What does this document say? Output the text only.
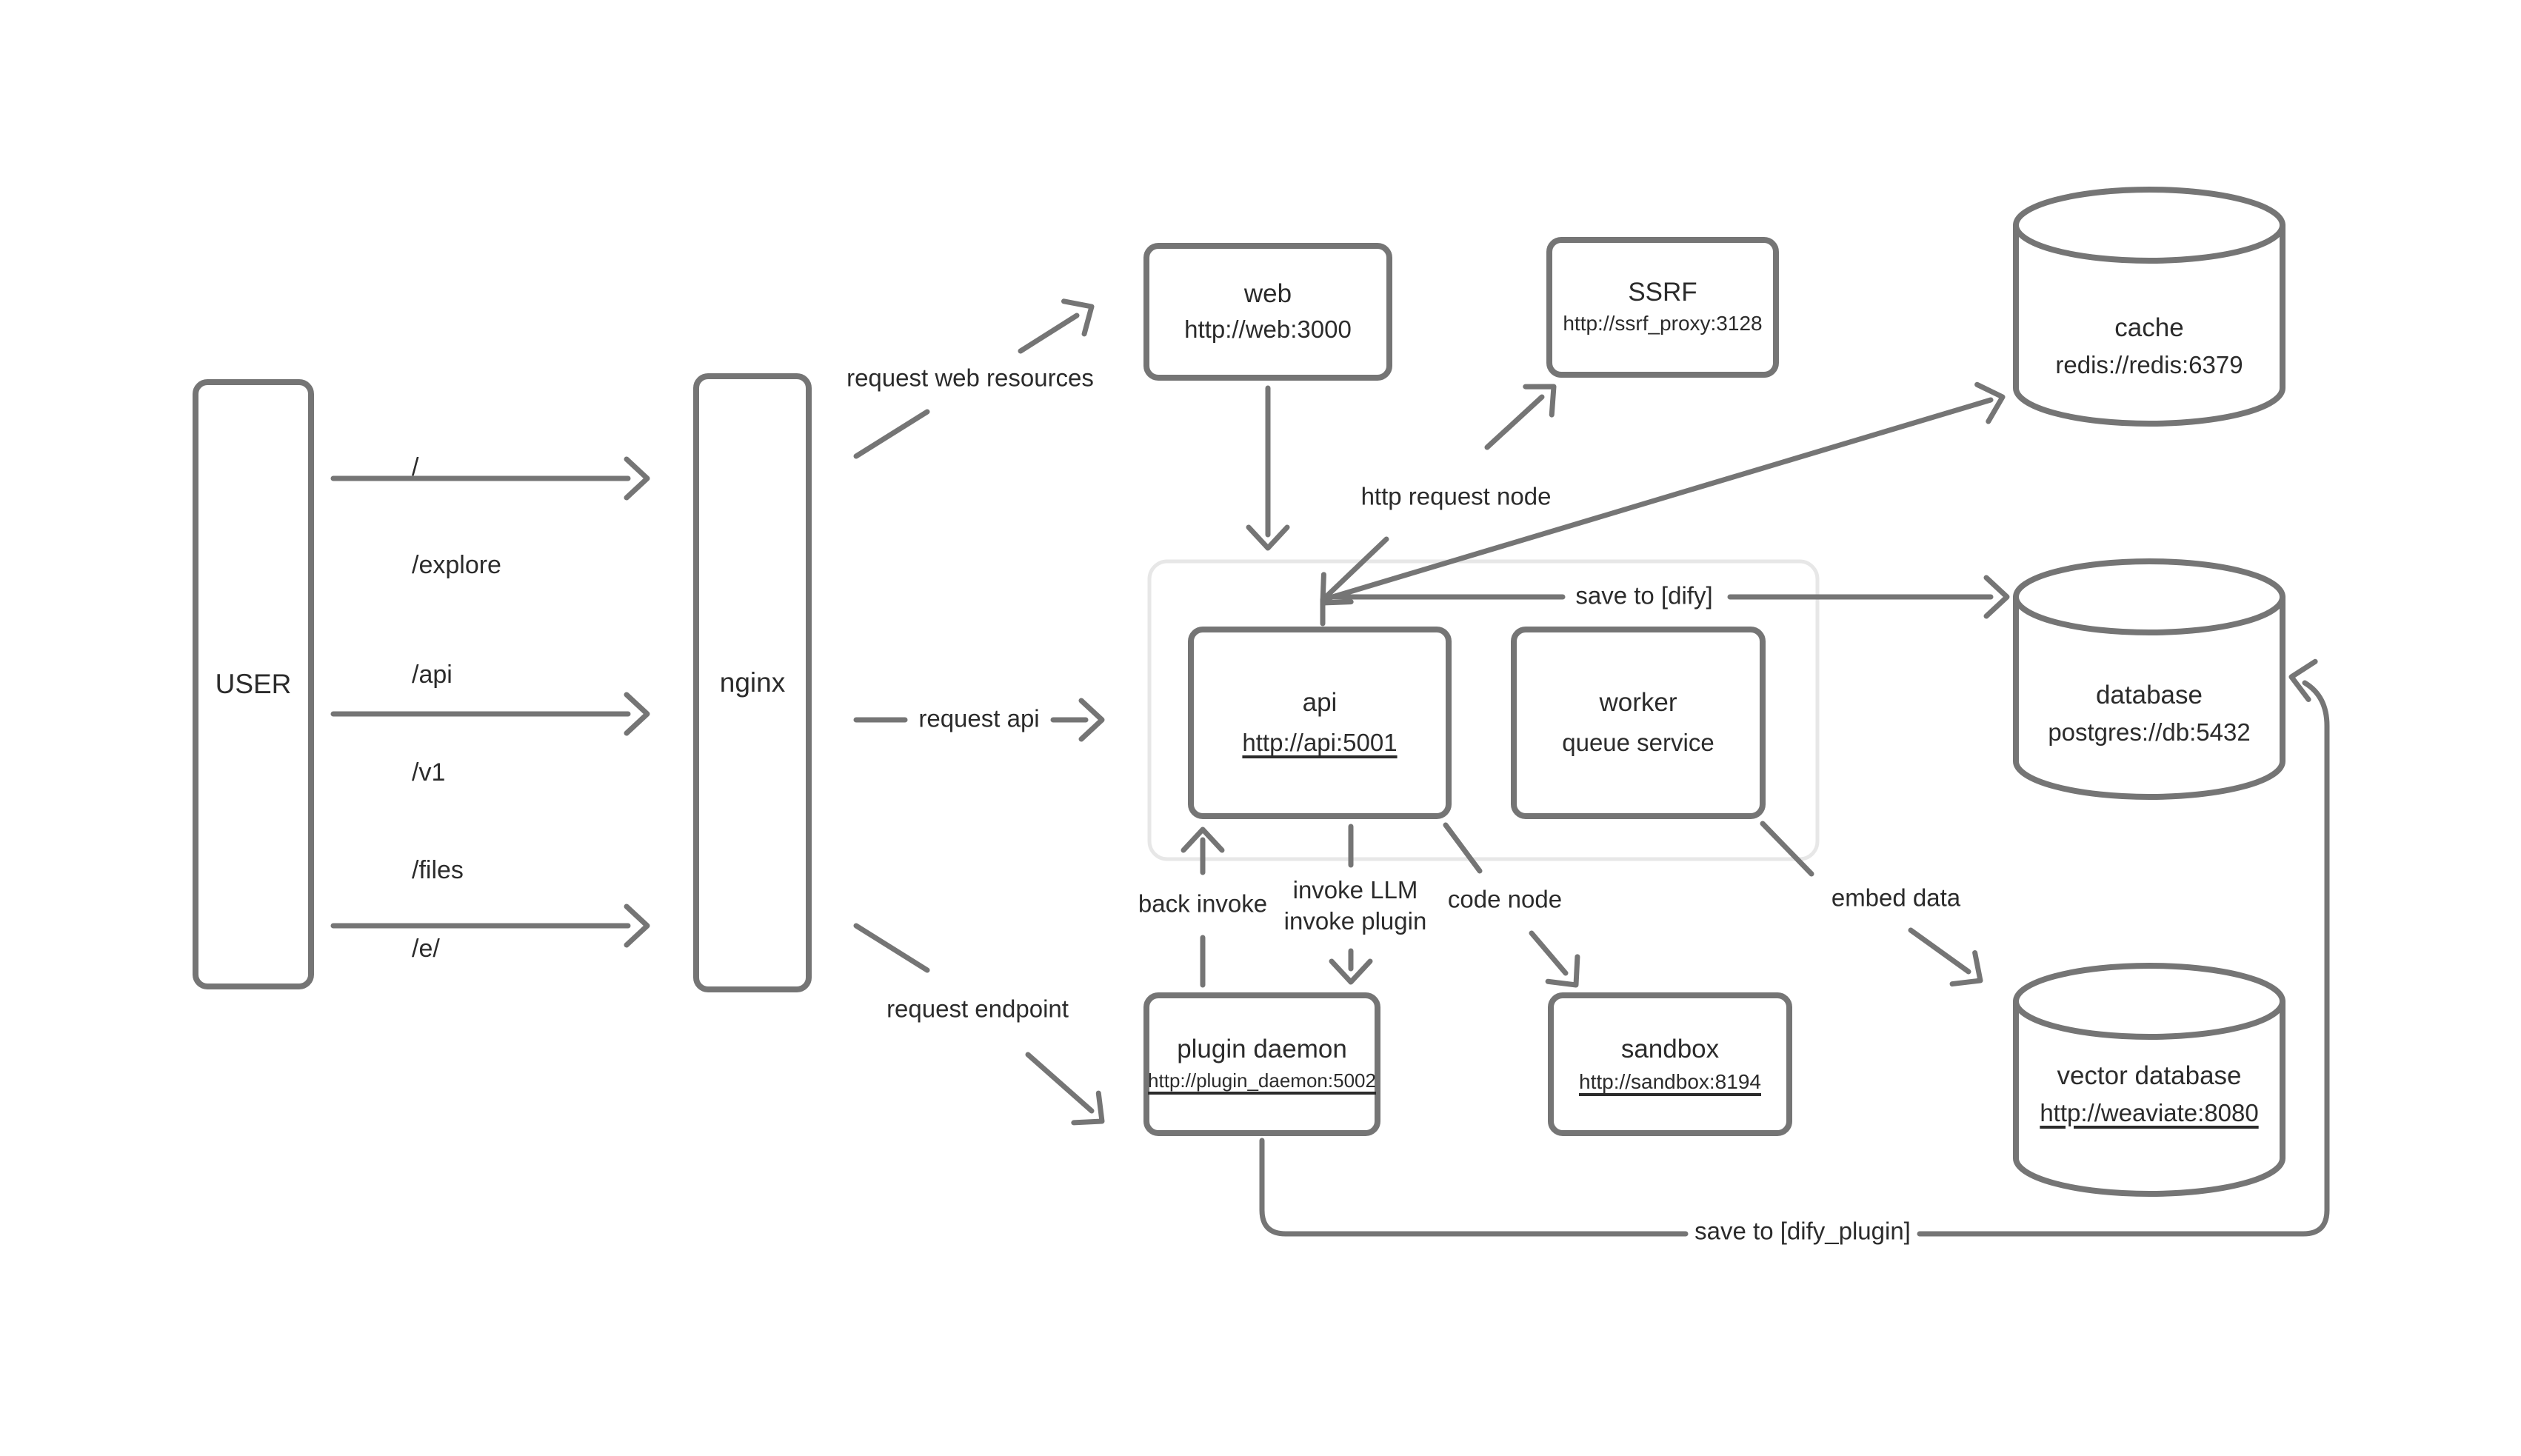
USER	nginx
web
http://web:3000
SSRF
http://ssrf_proxy:3128
api
http://api:5001
worker
queue service
plugin daemon
http://plugin_daemon:5002
sandbox
http://sandbox:8194
cache
redis://redis:6379
database
postgres://db:5432
vector database
http://weaviate:8080

/

/explore

/api

/v1

/files

/e/

request web resources
request api
request endpoint
http request node
save to [dify]
back invoke
invoke LLM
invoke plugin
code node	embed data
save to [dify_plugin]
